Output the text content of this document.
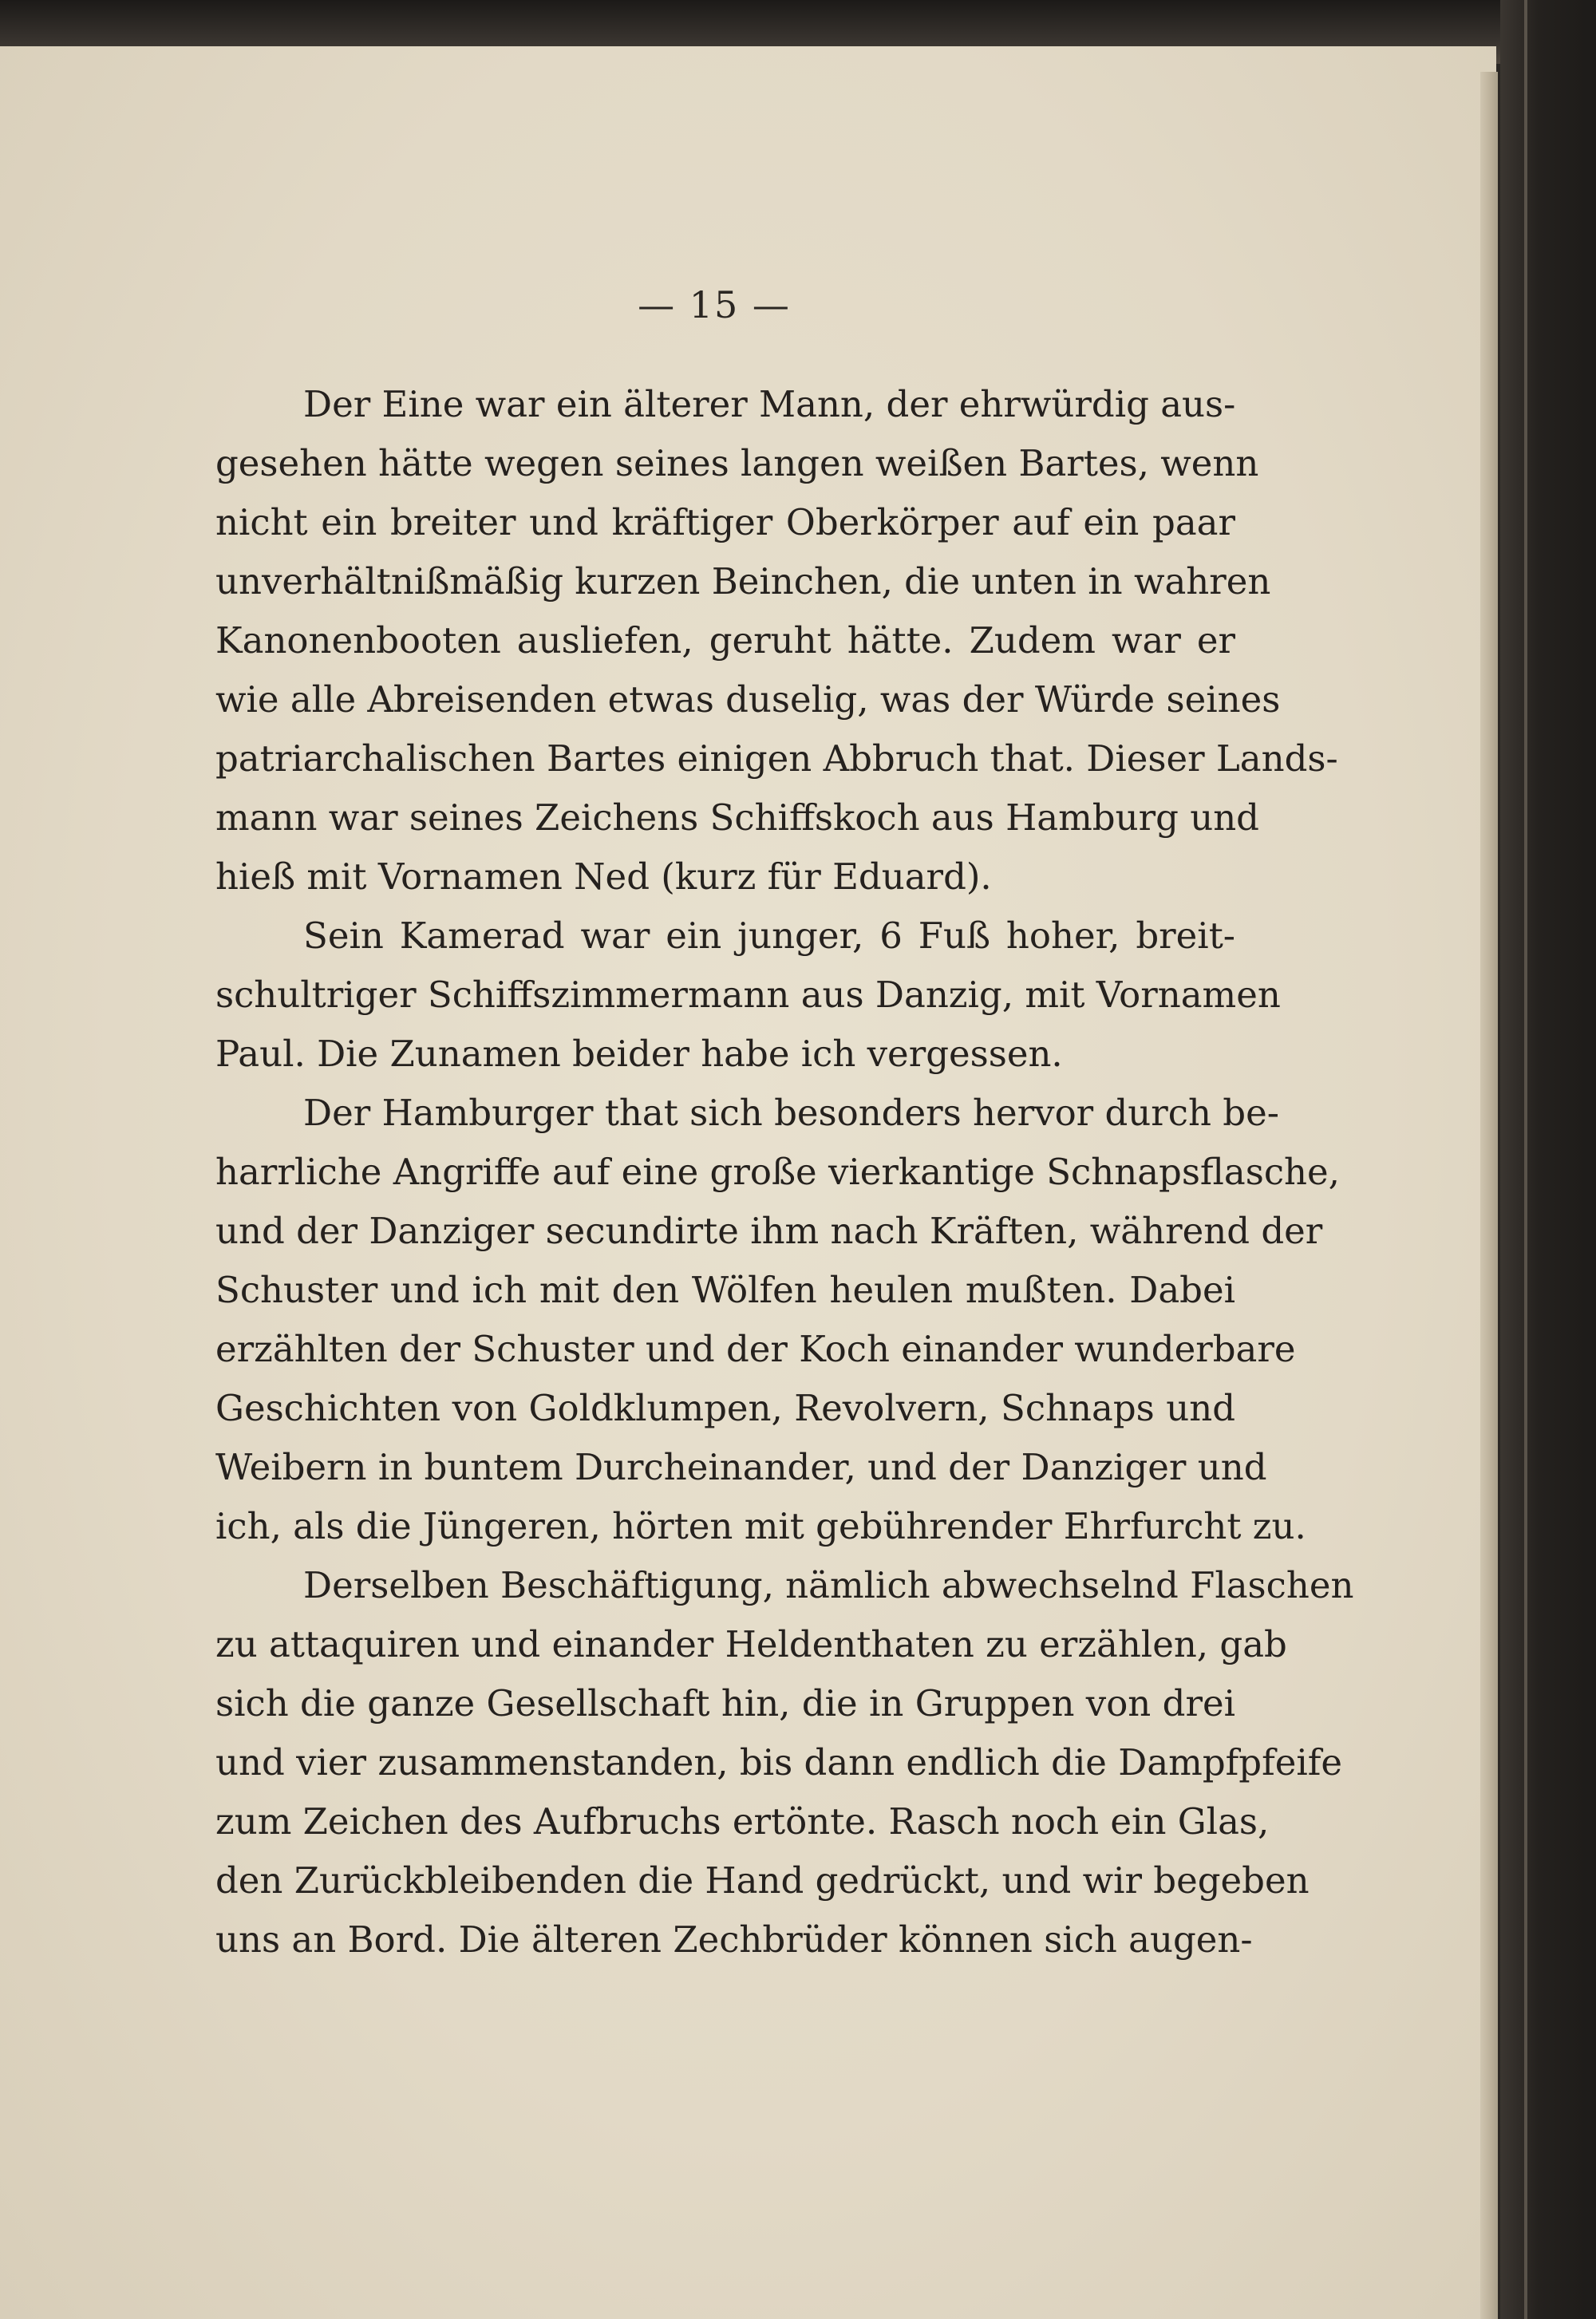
— 15 —
Der Eine war ein älterer Mann, der ehrwürdig aus-
gesehen hätte wegen seines langen weißen Bartes, wenn
nicht ein breiter und kräftiger Oberkörper auf ein paar
unverhältnißmäßig kurzen Beinchen, die unten in wahren
Kanonenbooten ausliefen, geruht hätte. Zudem war er
wie alle Abreisenden etwas duselig, was der Würde seines
patriarchalischen Bartes einigen Abbruch that. Dieser Lands-
mann war seines Zeichens Schiffskoch aus Hamburg und
hieß mit Vornamen Ned (kurz für Eduard).
Sein Kamerad war ein junger, 6 Fuß hoher, breit-
schultriger Schiffszimmermann aus Danzig, mit Vornamen
Paul. Die Zunamen beider habe ich vergessen.
Der Hamburger that sich besonders hervor durch be-
harrliche Angriffe auf eine große vierkantige Schnapsflasche,
und der Danziger secundirte ihm nach Kräften, während der
Schuster und ich mit den Wölfen heulen mußten. Dabei
erzählten der Schuster und der Koch einander wunderbare
Geschichten von Goldklumpen, Revolvern, Schnaps und
Weibern in buntem Durcheinander, und der Danziger und
ich, als die Jüngeren, hörten mit gebührender Ehrfurcht zu.
Derselben Beschäftigung, nämlich abwechselnd Flaschen
zu attaquiren und einander Heldenthaten zu erzählen, gab
sich die ganze Gesellschaft hin, die in Gruppen von drei
und vier zusammenstanden, bis dann endlich die Dampfpfeife
zum Zeichen des Aufbruchs ertönte. Rasch noch ein Glas,
den Zurückbleibenden die Hand gedrückt, und wir begeben
uns an Bord. Die älteren Zechbrüder können sich augen-
